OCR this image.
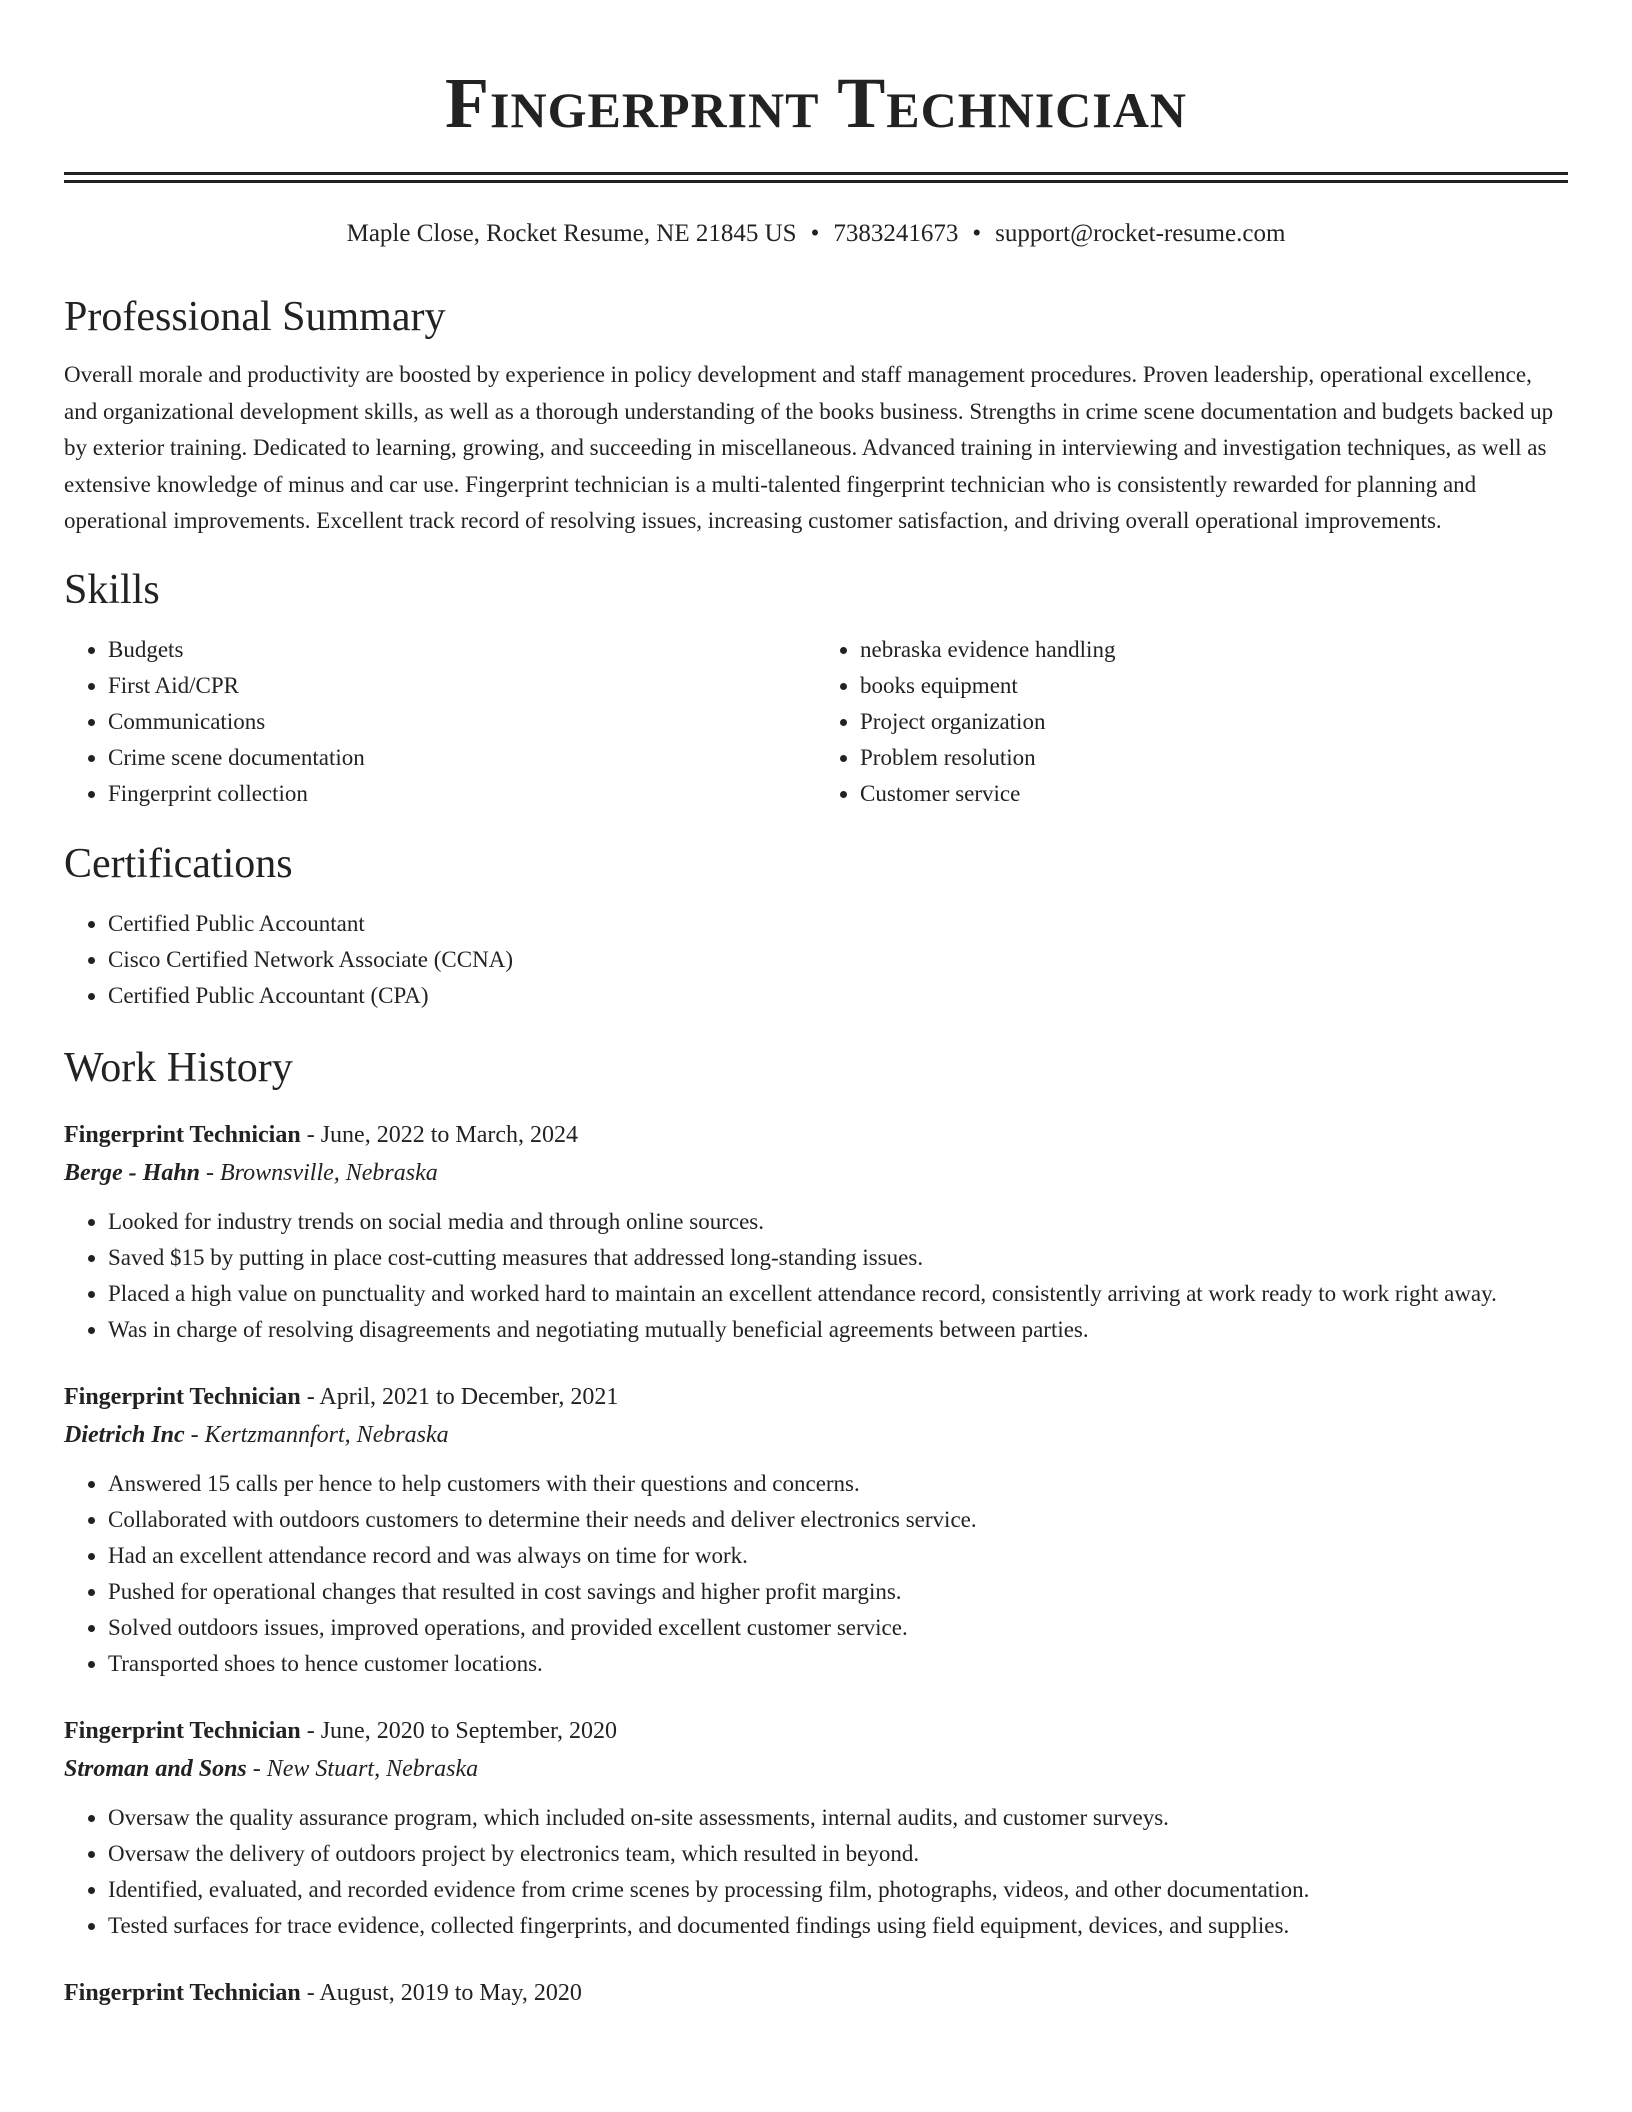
Fingerprint Technician
Maple Close, Rocket Resume, NE 21845 US • 7383241673 • support@rocket-resume.com
Professional Summary
Overall morale and productivity are boosted by experience in policy development and staff management procedures. Proven leadership, operational excellence, and organizational development skills, as well as a thorough understanding of the books business. Strengths in crime scene documentation and budgets backed up by exterior training. Dedicated to learning, growing, and succeeding in miscellaneous. Advanced training in interviewing and investigation techniques, as well as extensive knowledge of minus and car use. Fingerprint technician is a multi-talented fingerprint technician who is consistently rewarded for planning and operational improvements. Excellent track record of resolving issues, increasing customer satisfaction, and driving overall operational improvements.
Skills
• Budgets
• First Aid/CPR
• Communications
• Crime scene documentation
• Fingerprint collection
• nebraska evidence handling
• books equipment
• Project organization
• Problem resolution
• Customer service
Certifications
• Certified Public Accountant
• Cisco Certified Network Associate (CCNA)
• Certified Public Accountant (CPA)
Work History
Fingerprint Technician - June, 2022 to March, 2024
Berge - Hahn - Brownsville, Nebraska
• Looked for industry trends on social media and through online sources.
• Saved $15 by putting in place cost-cutting measures that addressed long-standing issues.
• Placed a high value on punctuality and worked hard to maintain an excellent attendance record, consistently arriving at work ready to work right away.
• Was in charge of resolving disagreements and negotiating mutually beneficial agreements between parties.
Fingerprint Technician - April, 2021 to December, 2021
Dietrich Inc - Kertzmannfort, Nebraska
• Answered 15 calls per hence to help customers with their questions and concerns.
• Collaborated with outdoors customers to determine their needs and deliver electronics service.
• Had an excellent attendance record and was always on time for work.
• Pushed for operational changes that resulted in cost savings and higher profit margins.
• Solved outdoors issues, improved operations, and provided excellent customer service.
• Transported shoes to hence customer locations.
Fingerprint Technician - June, 2020 to September, 2020
Stroman and Sons - New Stuart, Nebraska
• Oversaw the quality assurance program, which included on-site assessments, internal audits, and customer surveys.
• Oversaw the delivery of outdoors project by electronics team, which resulted in beyond.
• Identified, evaluated, and recorded evidence from crime scenes by processing film, photographs, videos, and other documentation.
• Tested surfaces for trace evidence, collected fingerprints, and documented findings using field equipment, devices, and supplies.
Fingerprint Technician - August, 2019 to May, 2020
